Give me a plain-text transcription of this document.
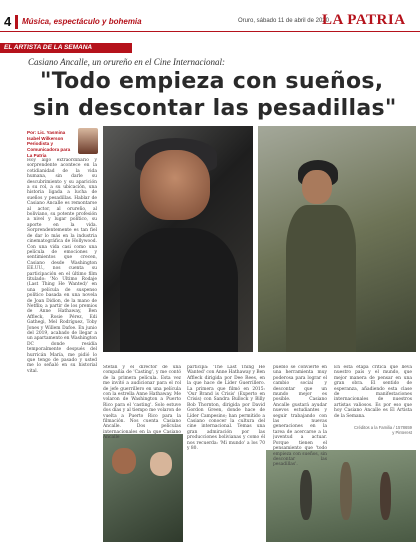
4 Música, espectáculo y bohemia	Oruro, sábado 11 de abril de 2020
LA PATRIA
EL ARTISTA DE LA SEMANA
Casiano Ancalle, un orureño en el Cine Internacional:
"Todo empieza con sueños,
sin descontar las pesadillas"
Por: Lic. Yasmina Isabel Wilkerson Periodista y Comunicadora para La Patria
Hoy algo extraordinario y sorprendente acontece en la cotidianidad de la vida humana, sin darle su descubrimiento y su aparición a su rol, a su ubicación, una historia ligada a lucha de sueños y pesadillas. Hablar de Casiano Ancalle es remontarse al actor, al orureño, al boliviano, su potente profesión a nivel y lugar político, su aporte en la vida. Sorprendentemente es tan fiel de dar lo más en la industria cinematográfica de Hollywood. Con una vida casi como una película de emociones y sentimientos que crecen, Casiano desde Washington EE.UU., nos cuenta su participación en el último film titulado: 'No Ultimo Rodaje (Last Thing He Wanted)' en una película de suspenso político basada en una novela de Joan Didion, de la mano de Netflix; a partir de los premios de Anne Hathaway, Ben Affleck, Rosie Pérez, Edi Gathegi, Mel Rodríguez, Toby Jones y Willem Dafoe. En junio del 2019, acabado de llegar a un apartamento en Washington DC donde residía temporalmente después del hurricán María, me pidió lo que tengo de pasado y usted me lo señaló en su historial vital.
Stefan y el director de una compañía de 'Casting', y me contó de la primera película. Esta vez me invitó a audicionar para el rol de jefe guerrillero en una película con la estrella Anne Hathaway. Me volaron de Washington a Puerto Rico para el 'casting'. Solo estuve dos días y al tiempo me volaron de vuelta a Puerto Rico para la filmación. Nos cuenta Casiano Ancalle. Dos películas internacionales en la que Casiano Ancalle
participa: 'The Last Thing He Wanted' con Anne Hathaway y Ben Affleck dirigida por Dee Rees, en la que hace de Líder Guerrillero. La primera que filmó en 2015: 'Our Brand is Crisis' (Experto en Crisis) con Sandra Bullock y Billy Bob Thornton, dirigida por David Gordon Green, donde hace de Líder Campesino; han permitido a Casiano conocer la cultura del cine internacional. Temas una gran admiración por las producciones bolivianas y como él nos recuerda: 'Mi mundo' a los 70 y 80.
pueblo se convierte en una herramienta muy poderosa para lograr el cambio social y descontar que un mundo mejor es posible. Casiano Ancalle gustará ayudar nuevos estudiantes y seguir trabajando con las nuevas generaciones en la tarea de acercarse a la juventud a actuar. Porque tienen el pensamiento que 'todo empieza con sueños, sin descontar las pesadillas'.
En esta etapa crítica que lleva nuestro país y el mundo, que mejor manera de pensar en una gran obra. El sentido de esperanza, añadiendo esta clase de manifestaciones internacionales de nuestros artistas valiosos. Es por eso que hoy Casiano Ancalle es El Artista de la Semana.
Créditos a la Familia / 1578659 y Pinterest
